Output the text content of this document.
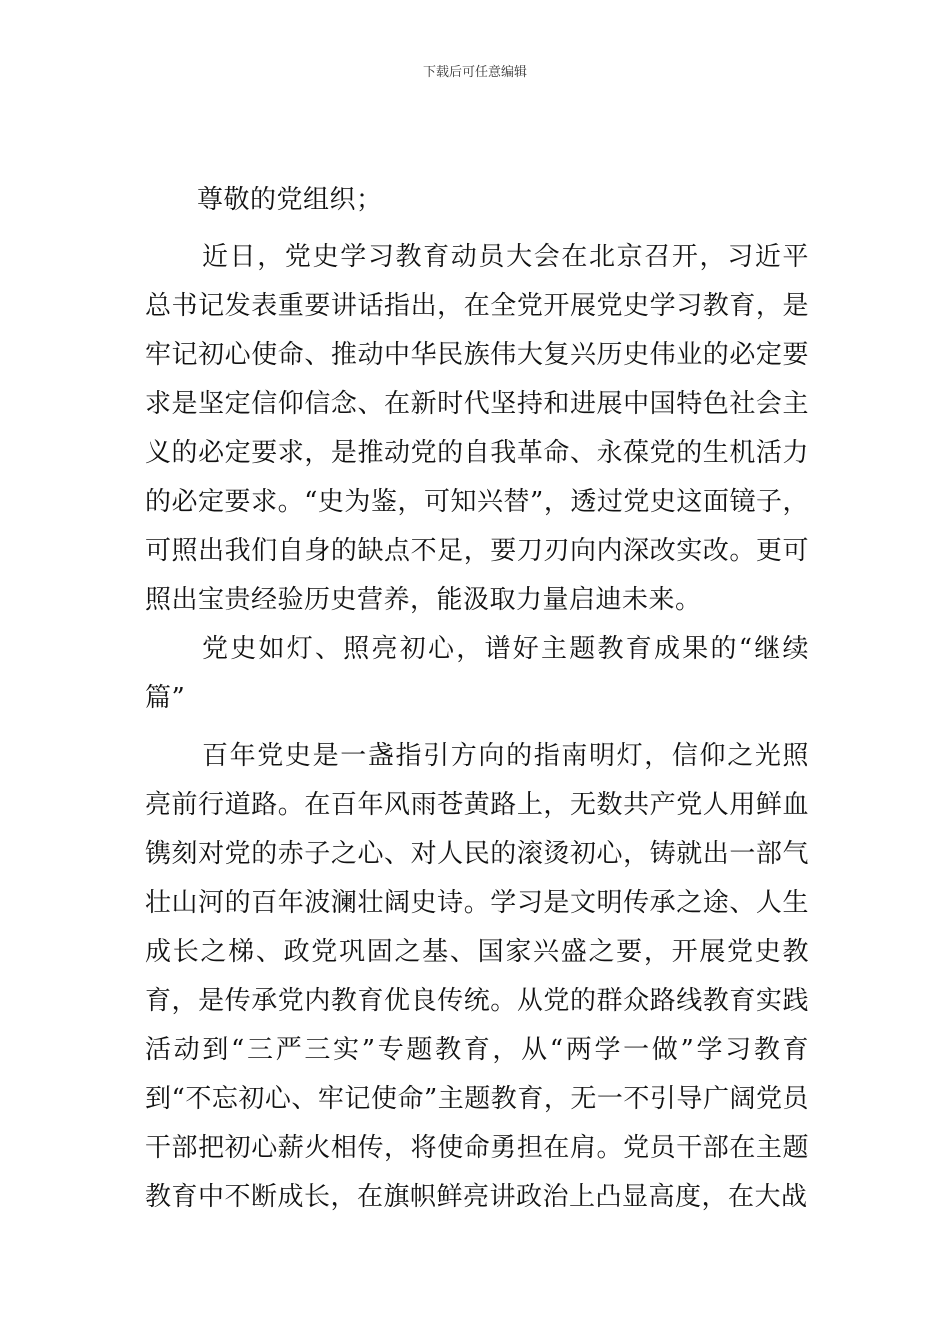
下载后可任意编辑

尊敬的党组织；

近日，党史学习教育动员大会在北京召开，习近平总书记发表重要讲话指出，在全党开展党史学习教育，是牢记初心使命、推动中华民族伟大复兴历史伟业的必定要求是坚定信仰信念、在新时代坚持和进展中国特色社会主义的必定要求，是推动党的自我革命、永葆党的生机活力的必定要求。“史为鉴，可知兴替”，透过党史这面镜子，可照出我们自身的缺点不足，要刀刃向内深改实改。更可照出宝贵经验历史营养，能汲取力量启迪未来。

党史如灯、照亮初心，谱好主题教育成果的“继续篇”

百年党史是一盏指引方向的指南明灯，信仰之光照亮前行道路。在百年风雨苍黄路上，无数共产党人用鲜血镌刻对党的赤子之心、对人民的滚烫初心，铸就出一部气壮山河的百年波澜壮阔史诗。学习是文明传承之途、人生成长之梯、政党巩固之基、国家兴盛之要，开展党史教育，是传承党内教育优良传统。从党的群众路线教育实践活动到“三严三实”专题教育，从“两学一做”学习教育到“不忘初心、牢记使命”主题教育，无一不引导广阔党员干部把初心薪火相传，将使命勇担在肩。党员干部在主题教育中不断成长，在旗帜鲜亮讲政治上凸显高度，在大战
